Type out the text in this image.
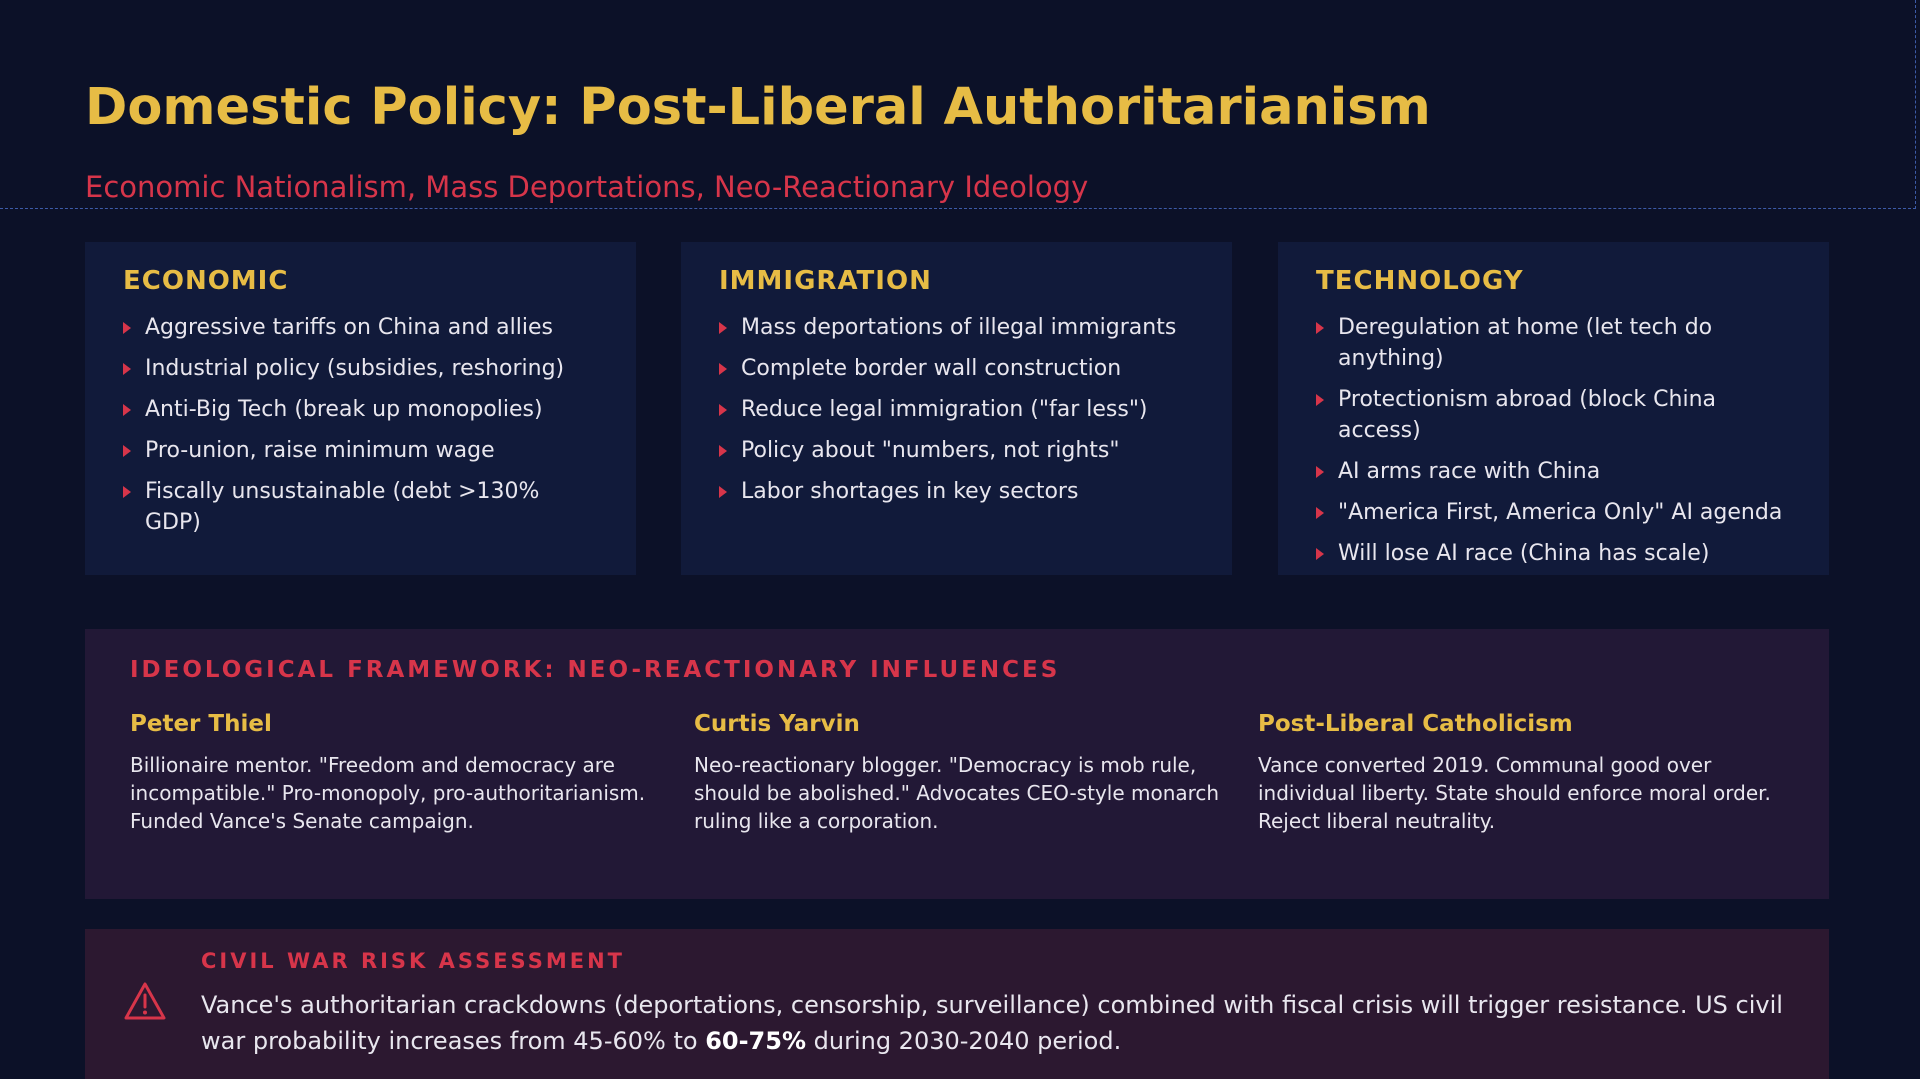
Domestic Policy: Post-Liberal Authoritarianism
Economic Nationalism, Mass Deportations, Neo-Reactionary Ideology
ECONOMIC
Aggressive tariffs on China and allies
Industrial policy (subsidies, reshoring)
Anti-Big Tech (break up monopolies)
Pro-union, raise minimum wage
Fiscally unsustainable (debt >130% GDP)
IMMIGRATION
Mass deportations of illegal immigrants
Complete border wall construction
Reduce legal immigration ("far less")
Policy about "numbers, not rights"
Labor shortages in key sectors
TECHNOLOGY
Deregulation at home (let tech do anything)
Protectionism abroad (block China access)
AI arms race with China
"America First, America Only" AI agenda
Will lose AI race (China has scale)
IDEOLOGICAL FRAMEWORK: NEO-REACTIONARY INFLUENCES
Peter Thiel

Billionaire mentor. "Freedom and democracy are incompatible." Pro-monopoly, pro-authoritarianism. Funded Vance's Senate campaign.

Curtis Yarvin

Neo-reactionary blogger. "Democracy is mob rule, should be abolished." Advocates CEO-style monarch ruling like a corporation.

Post-Liberal Catholicism

Vance converted 2019. Communal good over individual liberty. State should enforce moral order. Reject liberal neutrality.

CIVIL WAR RISK ASSESSMENT

Vance's authoritarian crackdowns (deportations, censorship, surveillance) combined with fiscal crisis will trigger resistance. US civil war probability increases from 45-60% to 60-75% during 2030-2040 period.
